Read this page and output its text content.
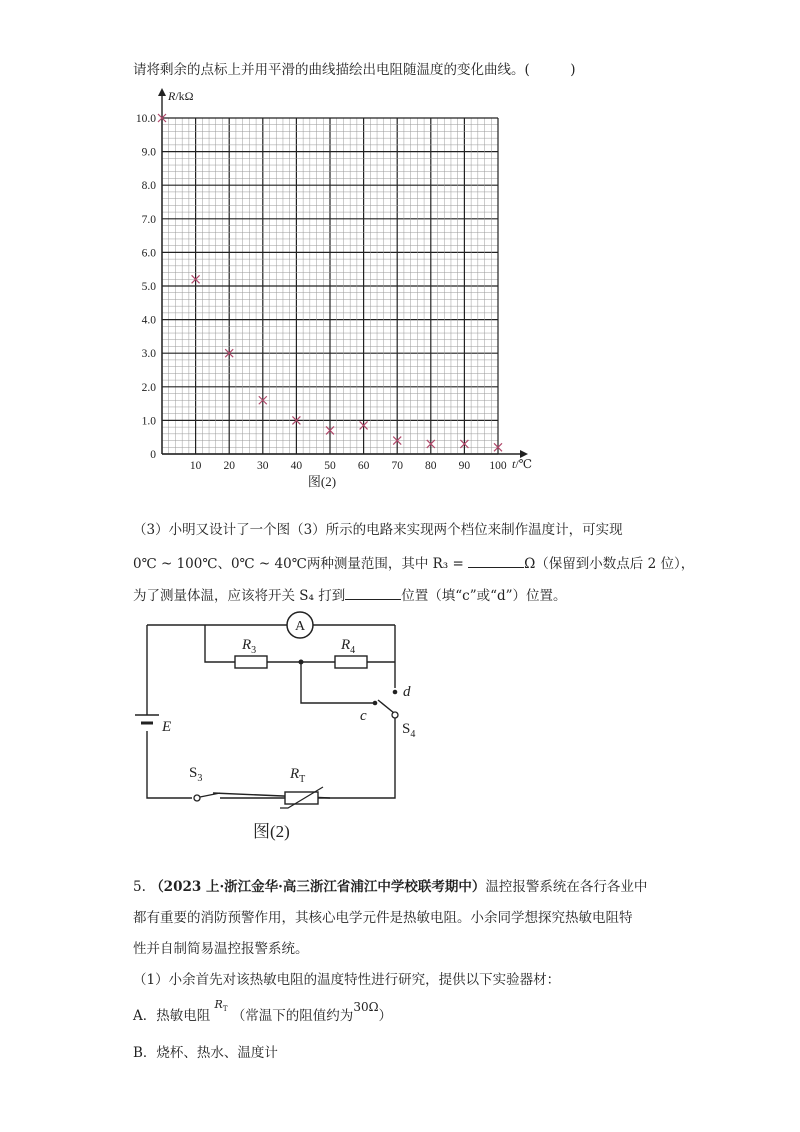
请将剩余的点标上并用平滑的曲线描绘出电阻随温度的变化曲线。(　　　)
10 20 30 40 50 60 70 80 90 100
0
1.0
2.0
3.0
4.0
5.0
6.0
7.0
8.0
9.0
10.0
R/kΩ
t/℃
图(2)
（3）小明又设计了一个图（3）所示的电路来实现两个档位来制作温度计，可实现
0℃ ~ 100℃、0℃ ~ 40℃两种测量范围，其中 R₃ =	Ω（保留到小数点后 2 位），
为了测量体温，应该将开关 S₄ 打到	位置（填“c”或“d”）位置。
A
$R_3$	$R_4$
d
c
$S_4$
E
$S_3$	$R_T$
图(2)
5. （2023 上·浙江金华·高三浙江省浦江中学校联考期中）温控报警系统在各行各业中
都有重要的消防预警作用，其核心电学元件是热敏电阻。小余同学想探究热敏电阻特
性并自制简易温控报警系统。
（1）小余首先对该热敏电阻的温度特性进行研究，提供以下实验器材：
A．热敏电阻 $^{R_T}$ （常温下的阻值约为30Ω）
B．烧杯、热水、温度计
